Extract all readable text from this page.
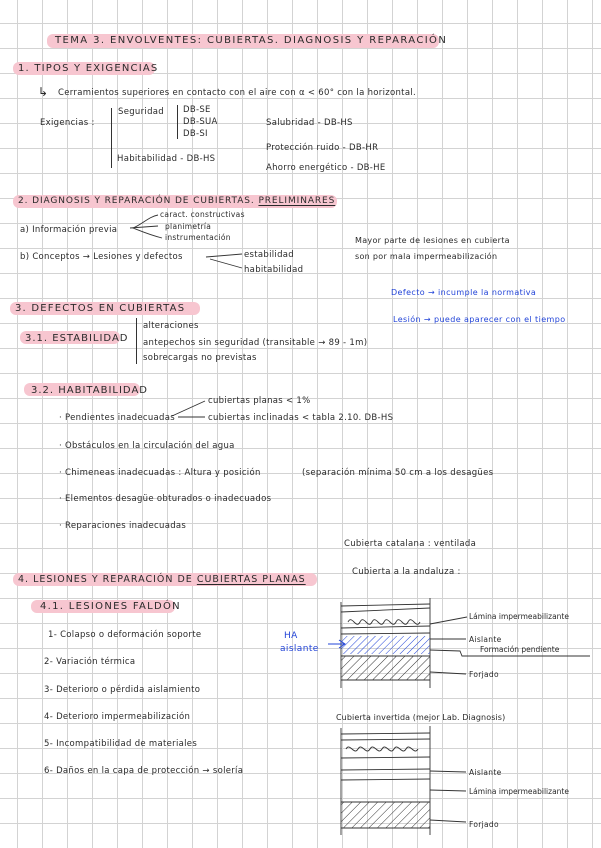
TEMA 3. ENVOLVENTES: CUBIERTAS. DIAGNOSIS Y REPARACIÓN
1. TIPOS Y EXIGENCIAS
↳ Cerramientos superiores en contacto con el aire con α < 60° con la horizontal.
Exigencias :
Seguridad DB-SE
DB-SUA
DB-SI
Habitabilidad - DB-HS
Salubridad - DB-HS
Protección ruido - DB-HR
Ahorro energético - DB-HE
2. DIAGNOSIS Y REPARACIÓN DE CUBIERTAS. PRELIMINARES
a) Información previa
caract. constructivas
planimetría
instrumentación
b) Conceptos → Lesiones y defectos	estabilidad
habitabilidad
Mayor parte de lesiones en cubierta
son por mala impermeabilización
3. DEFECTOS EN CUBIERTAS
Defecto → incumple la normativa
Lesión → puede aparecer con el tiempo
3.1. ESTABILIDAD
alteraciones
antepechos sin seguridad (transitable → 89 - 1m)
sobrecargas no previstas
3.2. HABITABILIDAD
cubiertas planas < 1%
· Pendientes inadecuadas	cubiertas inclinadas < tabla 2.10. DB-HS
· Obstáculos en la circulación del agua
· Chimeneas inadecuadas : Altura y posición	(separación mínima 50 cm a los desagües
· Elementos desagüe obturados o inadecuados
· Reparaciones inadecuadas
Cubierta catalana : ventilada
Cubierta a la andaluza :
4. LESIONES Y REPARACIÓN DE CUBIERTAS PLANAS
4.1. LESIONES FALDÓN
1- Colapso o deformación soporte
2- Variación térmica
3- Deterioro o pérdida aislamiento
4- Deterioro impermeabilización
5- Incompatibilidad de materiales
6- Daños en la capa de protección → solería
HA
aislante
Lámina impermeabilizante
Aislante
Formación pendiente
Forjado
Cubierta invertida (mejor Lab. Diagnosis)
Aislante
Lámina impermeabilizante
Forjado
